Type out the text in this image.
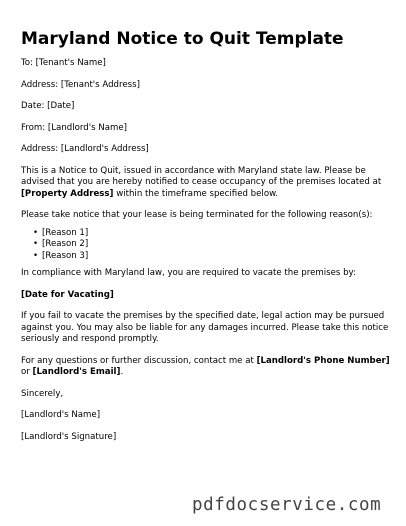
Maryland Notice to Quit Template

To: [Tenant's Name]

Address: [Tenant's Address]

Date: [Date]

From: [Landlord's Name]

Address: [Landlord's Address]

This is a Notice to Quit, issued in accordance with Maryland state law. Please be advised that you are hereby notified to cease occupancy of the premises located at [Property Address] within the timeframe specified below.

Please take notice that your lease is being terminated for the following reason(s):

• [Reason 1]
• [Reason 2]
• [Reason 3]

In compliance with Maryland law, you are required to vacate the premises by:

[Date for Vacating]

If you fail to vacate the premises by the specified date, legal action may be pursued against you. You may also be liable for any damages incurred. Please take this notice seriously and respond promptly.

For any questions or further discussion, contact me at [Landlord's Phone Number] or [Landlord's Email].

Sincerely,

[Landlord's Name]

[Landlord's Signature]

pdfdocservice.com
